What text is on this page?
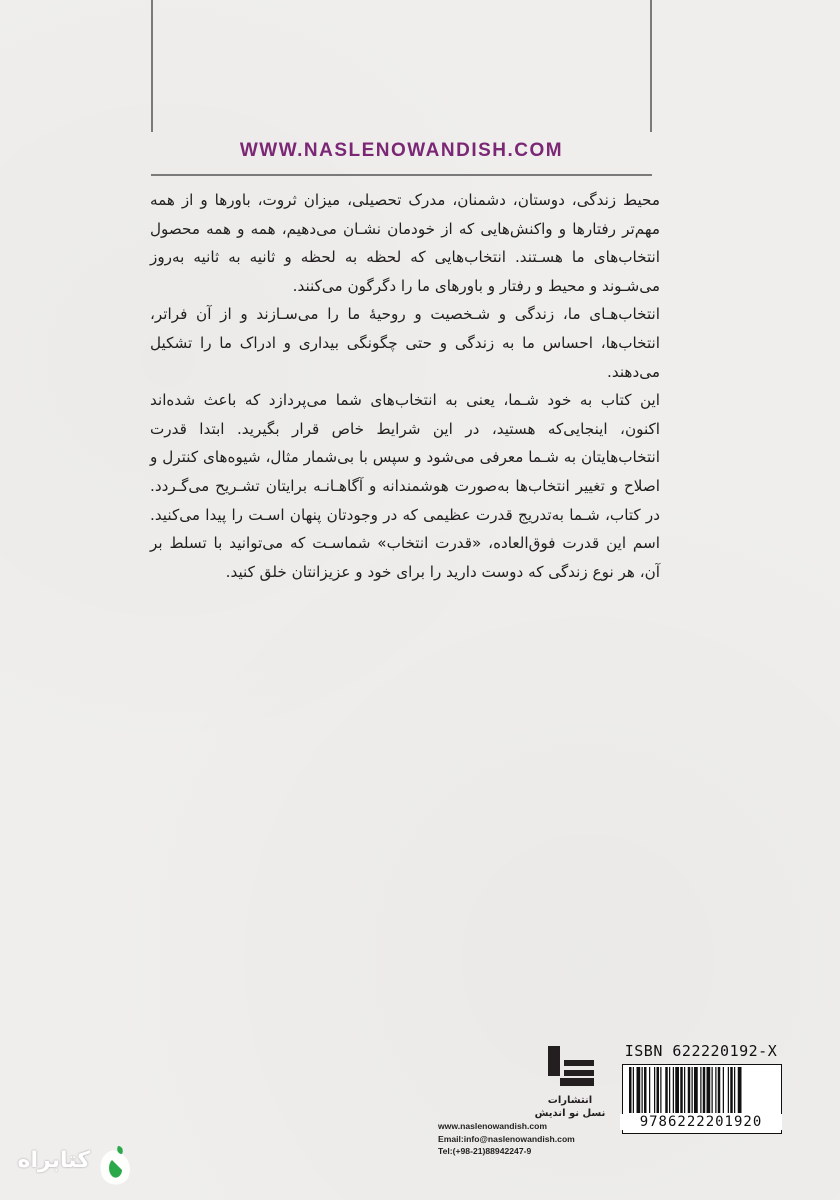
WWW.NASLENOWANDISH.COM

محیط زندگی، دوستان، دشمنان، مدرک تحصیلی، میزان ثروت، باورها و از همه مهم‌تر رفتارها و واکنش‌هایی که از خودمان نشـان می‌دهیم، همه و همه محصول انتخاب‌های ما هسـتند. انتخاب‌هایی که لحظه به لحظه و ثانیه به ثانیه به‌روز می‌شـوند و محیط و رفتار و باورهای ما را دگرگون می‌کنند.

انتخاب‌هـای ما، زندگی و شـخصیت و روحیهٔ ما را می‌سـازند و از آن فراتر، انتخاب‌ها، احساس ما به زندگی و حتی چگونگی بیداری و ادراک ما را تشکیل می‌دهند.

این کتاب به خود شـما، یعنی به انتخاب‌های شما می‌پردازد که باعث شده‌اند اکنون، اینجایی‌که هستید، در این شرایط خاص قرار بگیرید. ابتدا قدرت انتخاب‌هایتان به شـما معرفی می‌شود و سپس با بی‌شمار مثال، شیوه‌های کنترل و اصلاح و تغییر انتخاب‌ها به‌صورت هوشمندانه و آگاهـانـه برایتان تشـریح می‌گـردد. در کتاب، شـما به‌تدریج قدرت عظیمی که در وجودتان پنهان اسـت را پیدا می‌کنید. اسم این قدرت فوق‌العاده، «قدرت انتخاب» شماسـت که می‌توانید با تسلط بر آن، هر نوع زندگی که دوست دارید را برای خود و عزیزانتان خلق کنید.

ISBN 622220192-X
9786222201920
انتشارات
نسل نو اندیش
www.naslenowandish.com
Email:info@naslenowandish.com
Tel:(+98-21)88942247-9
کتابراه
